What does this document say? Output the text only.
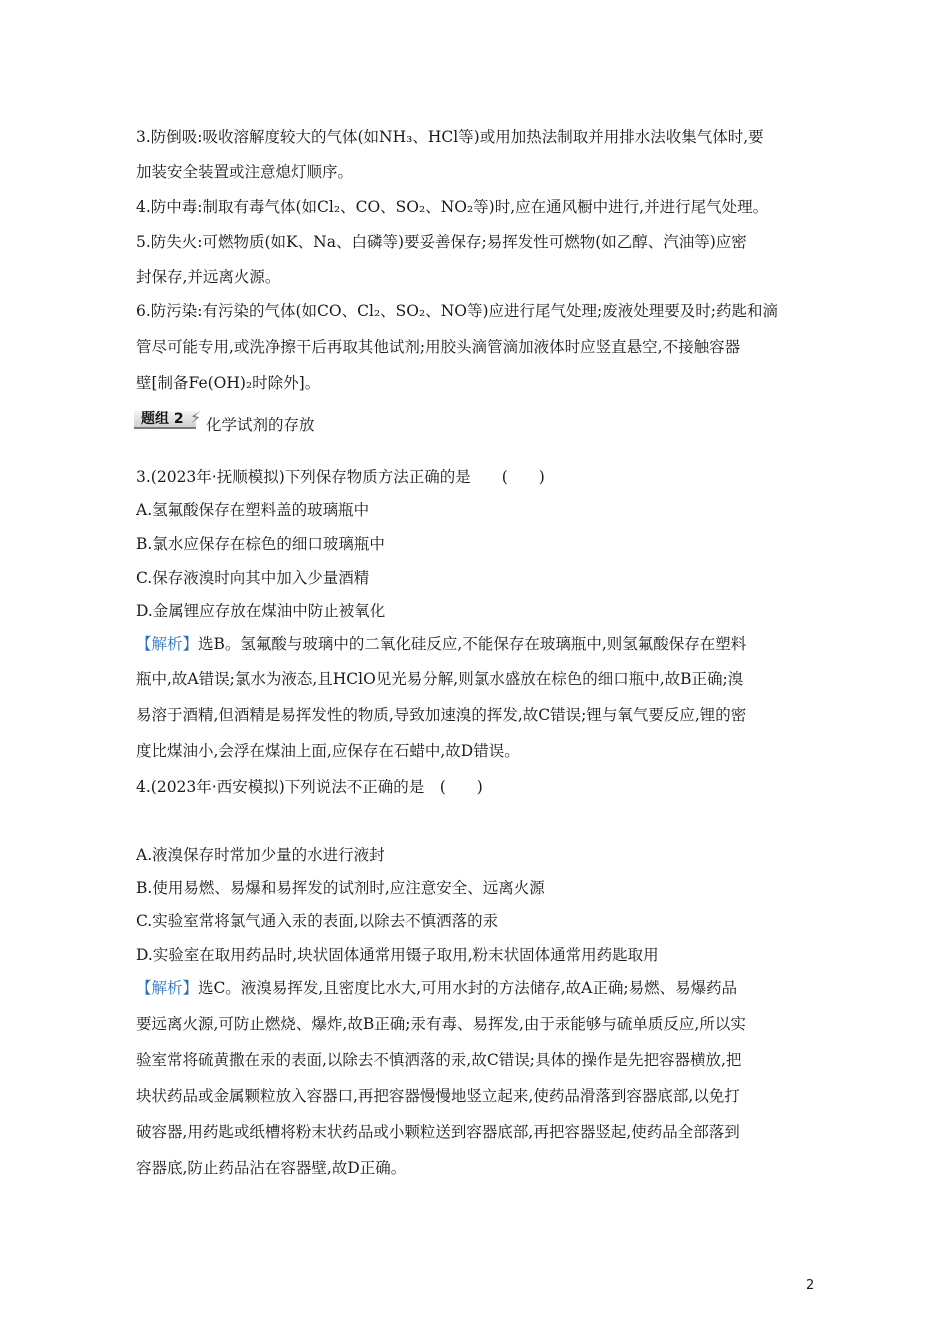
3.防倒吸:吸收溶解度较大的气体(如NH₃、HCl等)或用加热法制取并用排水法收集气体时,要
加装安全装置或注意熄灯顺序。
4.防中毒:制取有毒气体(如Cl₂、CO、SO₂、NO₂等)时,应在通风橱中进行,并进行尾气处理。
5.防失火:可燃物质(如K、Na、白磷等)要妥善保存;易挥发性可燃物(如乙醇、汽油等)应密
封保存,并远离火源。
6.防污染:有污染的气体(如CO、Cl₂、SO₂、NO等)应进行尾气处理;废液处理要及时;药匙和滴
管尽可能专用,或洗净擦干后再取其他试剂;用胶头滴管滴加液体时应竖直悬空,不接触容器
壁[制备Fe(OH)₂时除外]。
题组 2 ⚡ 化学试剂的存放
3.(2023年·抚顺模拟)下列保存物质方法正确的是　　(　　)
A.氢氟酸保存在塑料盖的玻璃瓶中
B.氯水应保存在棕色的细口玻璃瓶中
C.保存液溴时向其中加入少量酒精
D.金属锂应存放在煤油中防止被氧化
【解析】选B。氢氟酸与玻璃中的二氧化硅反应,不能保存在玻璃瓶中,则氢氟酸保存在塑料
瓶中,故A错误;氯水为液态,且HClO见光易分解,则氯水盛放在棕色的细口瓶中,故B正确;溴
易溶于酒精,但酒精是易挥发性的物质,导致加速溴的挥发,故C错误;锂与氧气要反应,锂的密
度比煤油小,会浮在煤油上面,应保存在石蜡中,故D错误。
4.(2023年·西安模拟)下列说法不正确的是　(　　)
A.液溴保存时常加少量的水进行液封
B.使用易燃、易爆和易挥发的试剂时,应注意安全、远离火源
C.实验室常将氯气通入汞的表面,以除去不慎洒落的汞
D.实验室在取用药品时,块状固体通常用镊子取用,粉末状固体通常用药匙取用
【解析】选C。液溴易挥发,且密度比水大,可用水封的方法储存,故A正确;易燃、易爆药品
要远离火源,可防止燃烧、爆炸,故B正确;汞有毒、易挥发,由于汞能够与硫单质反应,所以实
验室常将硫黄撒在汞的表面,以除去不慎洒落的汞,故C错误;具体的操作是先把容器横放,把
块状药品或金属颗粒放入容器口,再把容器慢慢地竖立起来,使药品滑落到容器底部,以免打
破容器,用药匙或纸槽将粉末状药品或小颗粒送到容器底部,再把容器竖起,使药品全部落到
容器底,防止药品沾在容器壁,故D正确。
2
